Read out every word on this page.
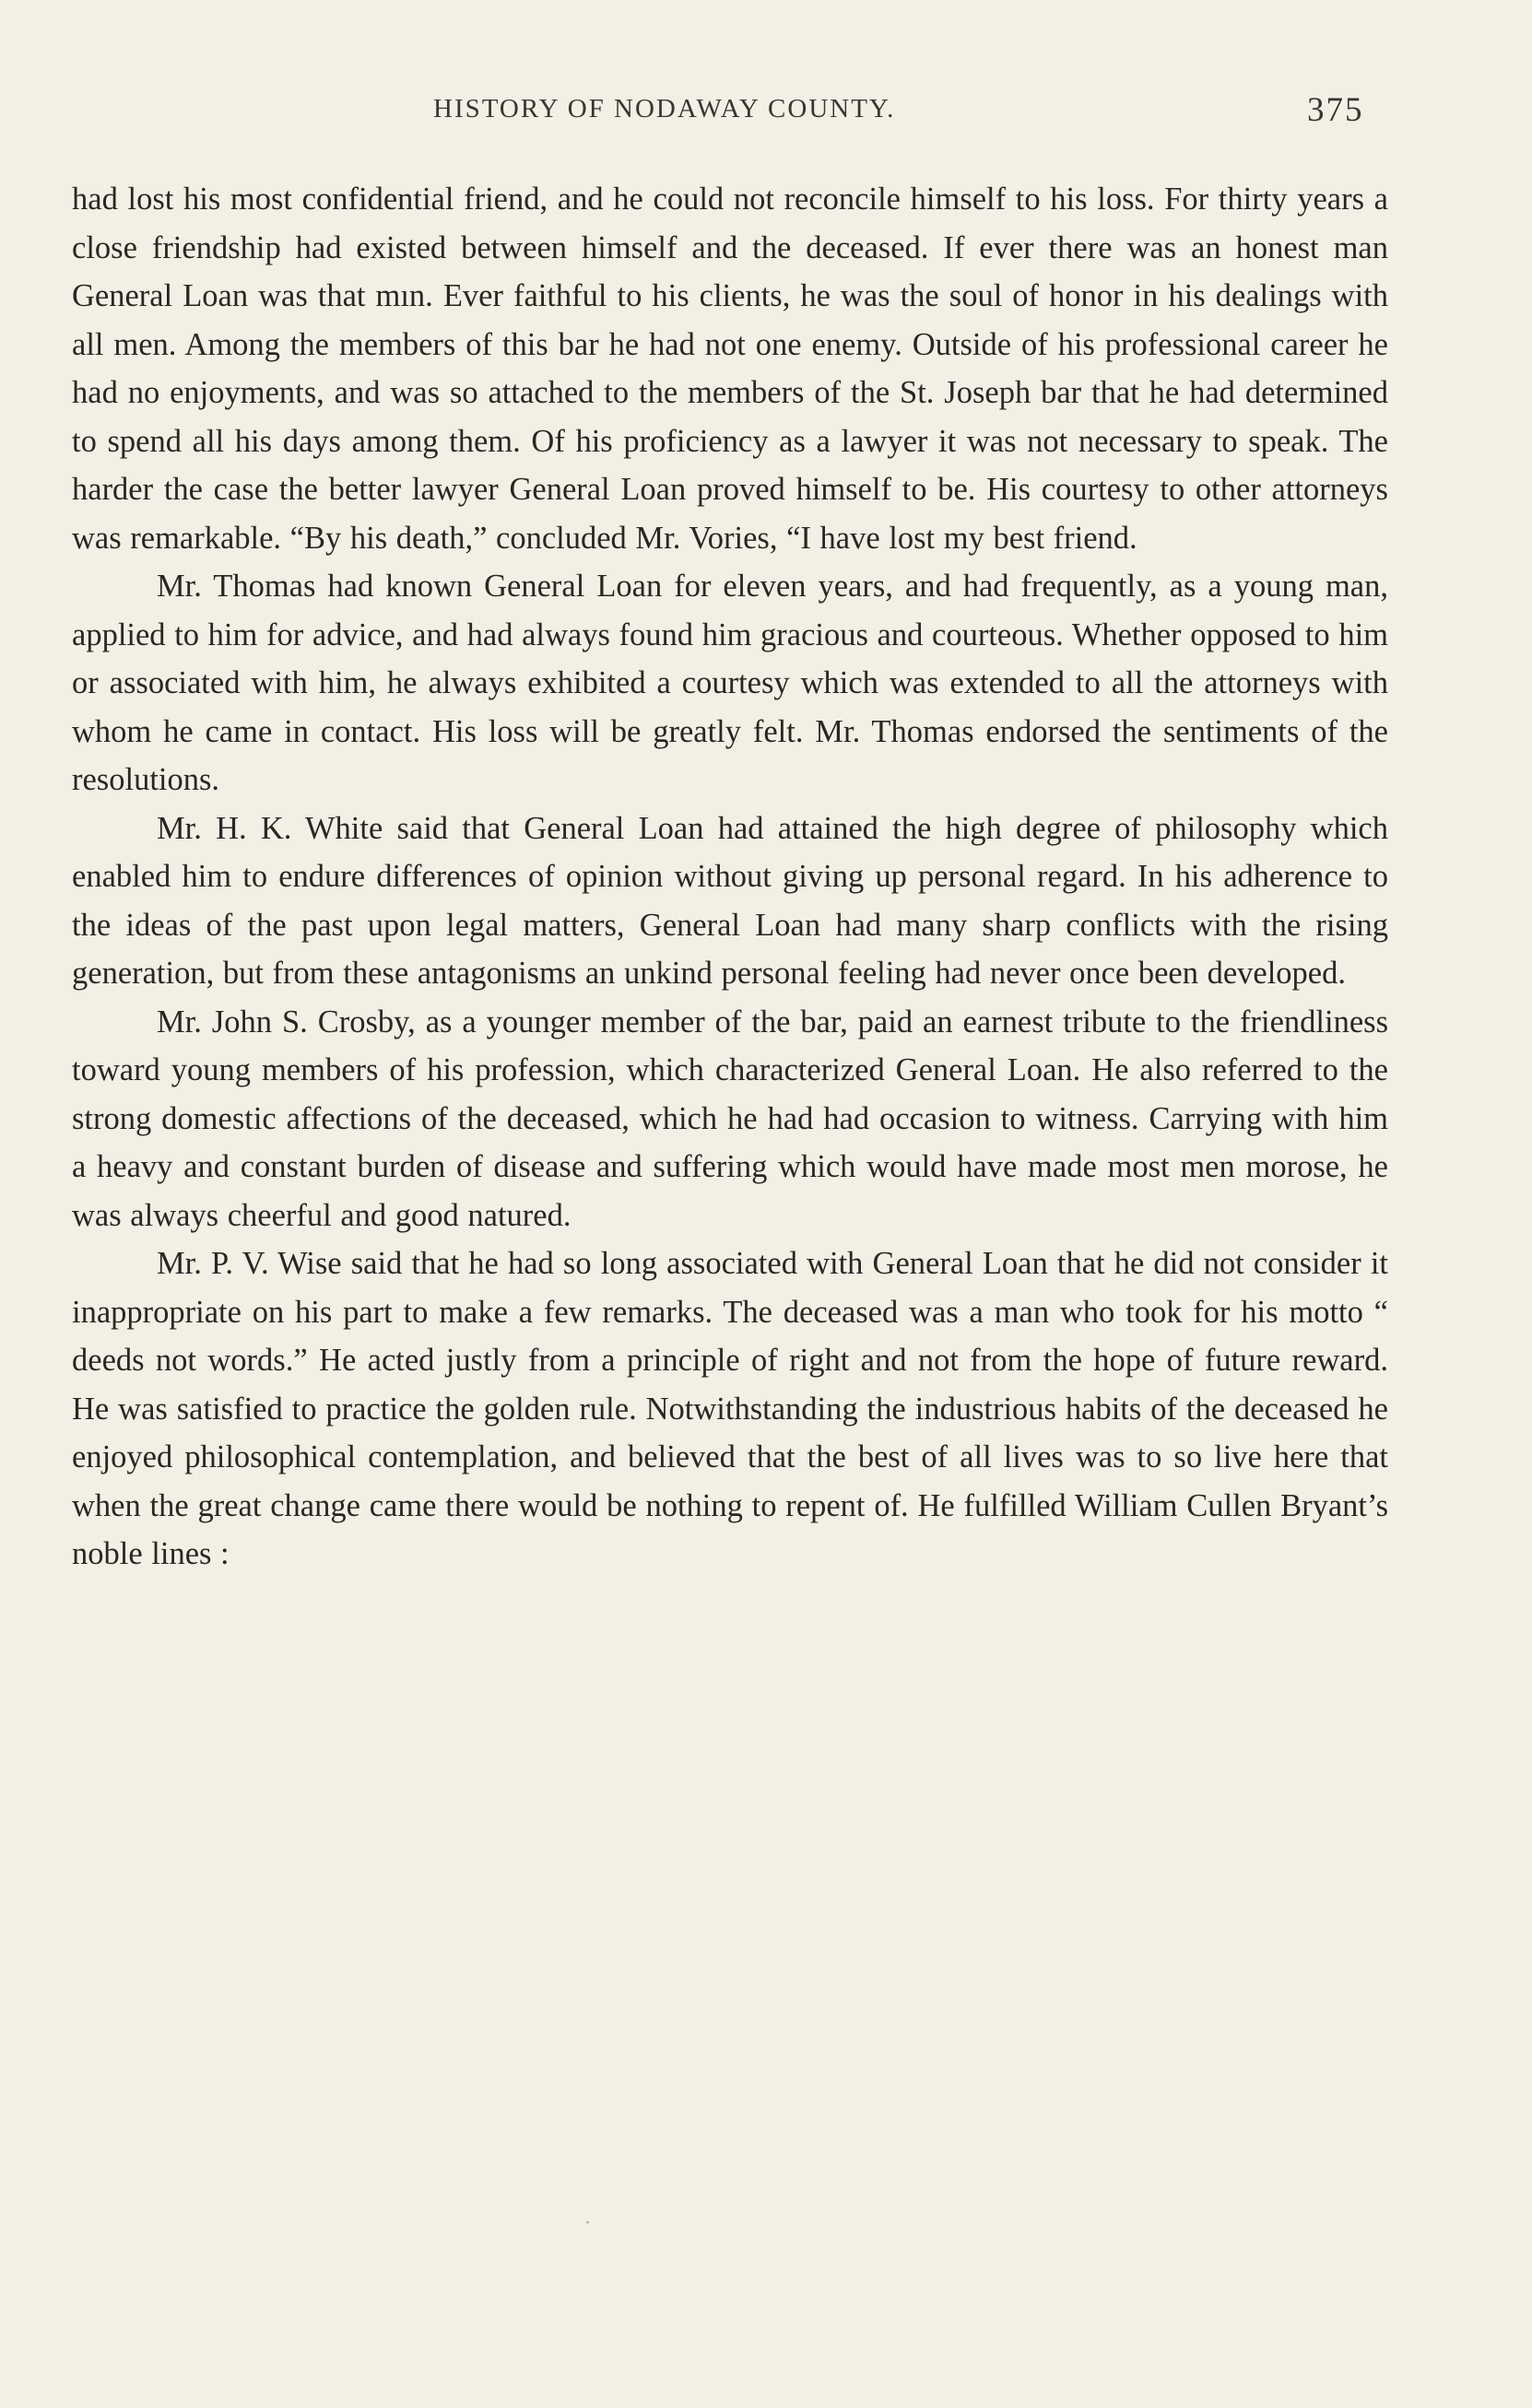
HISTORY OF NODAWAY COUNTY.	375

had lost his most confidential friend, and he could not reconcile himself to his loss. For thirty years a close friendship had existed between himself and the deceased. If ever there was an honest man General Loan was that mın. Ever faithful to his clients, he was the soul of honor in his dealings with all men. Among the members of this bar he had not one enemy. Outside of his professional career he had no enjoyments, and was so attached to the members of the St. Joseph bar that he had determined to spend all his days among them. Of his proficiency as a lawyer it was not necessary to speak. The harder the case the better lawyer General Loan proved himself to be. His courtesy to other attorneys was remarkable. “By his death,” concluded Mr. Vories, “I have lost my best friend.

Mr. Thomas had known General Loan for eleven years, and had frequently, as a young man, applied to him for advice, and had always found him gracious and courteous. Whether opposed to him or associated with him, he always exhibited a courtesy which was extended to all the attorneys with whom he came in contact. His loss will be greatly felt. Mr. Thomas endorsed the sentiments of the resolutions.

Mr. H. K. White said that General Loan had attained the high degree of philosophy which enabled him to endure differences of opinion without giving up personal regard. In his adherence to the ideas of the past upon legal matters, General Loan had many sharp conflicts with the rising generation, but from these antagonisms an unkind personal feeling had never once been developed.

Mr. John S. Crosby, as a younger member of the bar, paid an earnest tribute to the friendliness toward young members of his profession, which characterized General Loan. He also referred to the strong domestic affections of the deceased, which he had had occasion to witness. Carrying with him a heavy and constant burden of disease and suffering which would have made most men morose, he was always cheerful and good natured.

Mr. P. V. Wise said that he had so long associated with General Loan that he did not consider it inappropriate on his part to make a few remarks. The deceased was a man who took for his motto “ deeds not words.” He acted justly from a principle of right and not from the hope of future reward. He was satisfied to practice the golden rule. Notwithstanding the industrious habits of the deceased he enjoyed philosophical contemplation, and believed that the best of all lives was to so live here that when the great change came there would be nothing to repent of. He fulfilled William Cullen Bryant’s noble lines :
